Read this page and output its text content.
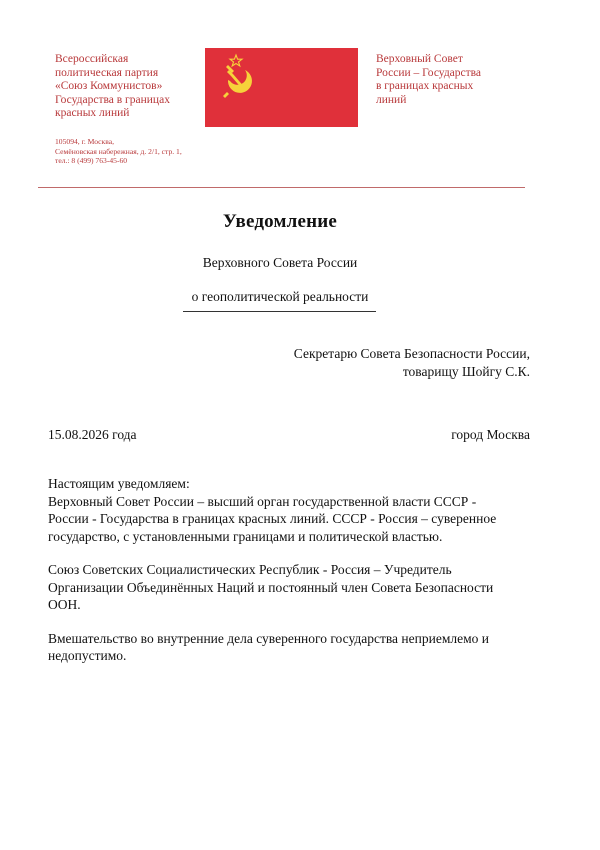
Всероссийская
политическая партия
«Союз Коммунистов»
Государства в границах
красных линий
105094, г. Москва,
Семёновская набережная, д. 2/1, стр. 1,
тел.: 8 (499) 763-45-60
Верховный Совет
России – Государства
в границах красных
линий
Уведомление
Верховного Совета России
о геополитической реальности
Секретарю Совета Безопасности России,
товарищу Шойгу С.К.
15.08.2026 года	город Москва
Настоящим уведомляем:
Верховный Совет России – высший орган государственной власти СССР -
России - Государства в границах красных линий. СССР - Россия – суверенное
государство, с установленными границами и политической властью.
Союз Советских Социалистических Республик - Россия – Учредитель
Организации Объединённых Наций и постоянный член Совета Безопасности
ООН.
Вмешательство во внутренние дела суверенного государства неприемлемо и
недопустимо.
